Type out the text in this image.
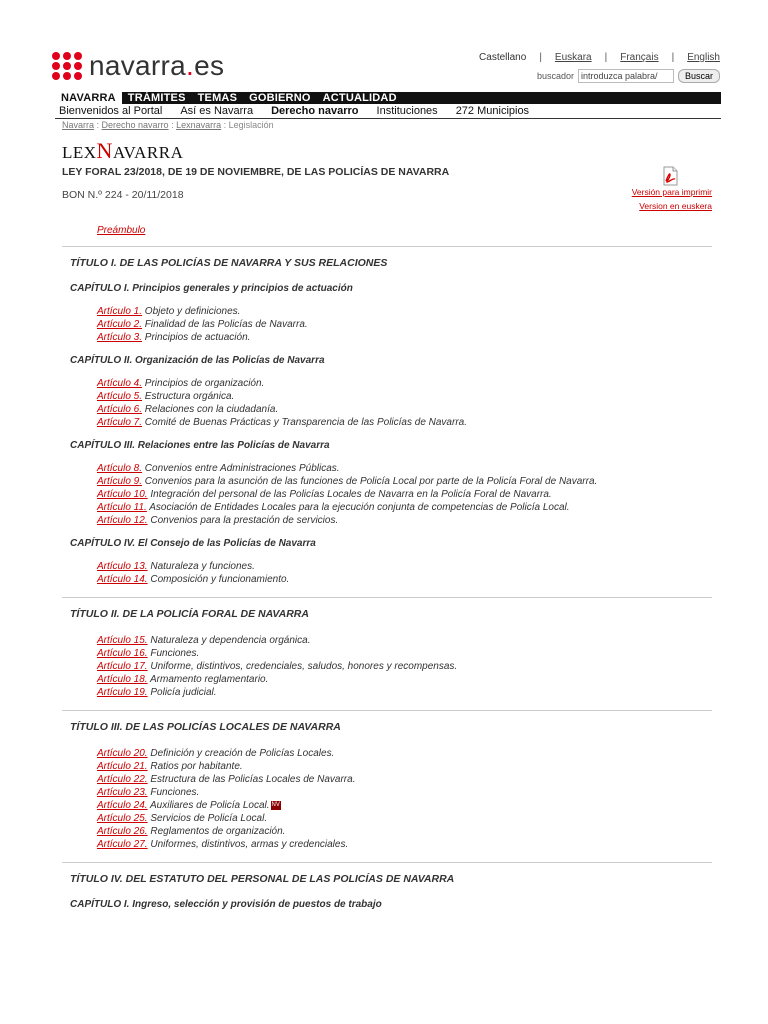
navarra.es	Castellano | Euskara | Français | English
buscador
introduzca palabra/	Buscar
NAVARRA	TRÁMITES	TEMAS	GOBIERNO	ACTUALIDAD
Bienvenidos al Portal Así es Navarra Derecho navarro Instituciones 272 Municipios
Navarra : Derecho navarro : Lexnavarra : Legislación
LEXNAVARRA
LEY FORAL 23/2018, DE 19 DE NOVIEMBRE, DE LAS POLICÍAS DE NAVARRA
BON N.º 224 - 20/11/2018	Versión para imprimir
Version en euskera
Preámbulo
TÍTULO I. DE LAS POLICÍAS DE NAVARRA Y SUS RELACIONES
CAPÍTULO I. Principios generales y principios de actuación
Artículo 1. Objeto y definiciones.
Artículo 2. Finalidad de las Policías de Navarra.
Artículo 3. Principios de actuación.
CAPÍTULO II. Organización de las Policías de Navarra
Artículo 4. Principios de organización.
Artículo 5. Estructura orgánica.
Artículo 6. Relaciones con la ciudadanía.
Artículo 7. Comité de Buenas Prácticas y Transparencia de las Policías de Navarra.
CAPÍTULO III. Relaciones entre las Policías de Navarra
Artículo 8. Convenios entre Administraciones Públicas.
Artículo 9. Convenios para la asunción de las funciones de Policía Local por parte de la Policía Foral de Navarra.
Artículo 10. Integración del personal de las Policías Locales de Navarra en la Policía Foral de Navarra.
Artículo 11. Asociación de Entidades Locales para la ejecución conjunta de competencias de Policía Local.
Artículo 12. Convenios para la prestación de servicios.
CAPÍTULO IV. El Consejo de las Policías de Navarra
Artículo 13. Naturaleza y funciones.
Artículo 14. Composición y funcionamiento.
TÍTULO II. DE LA POLICÍA FORAL DE NAVARRA
Artículo 15. Naturaleza y dependencia orgánica.
Artículo 16. Funciones.
Artículo 17. Uniforme, distintivos, credenciales, saludos, honores y recompensas.
Artículo 18. Armamento reglamentario.
Artículo 19. Policía judicial.
TÍTULO III. DE LAS POLICÍAS LOCALES DE NAVARRA
Artículo 20. Definición y creación de Policías Locales.
Artículo 21. Ratios por habitante.
Artículo 22. Estructura de las Policías Locales de Navarra.
Artículo 23. Funciones.
Artículo 24. Auxiliares de Policía Local. NV
Artículo 25. Servicios de Policía Local.
Artículo 26. Reglamentos de organización.
Artículo 27. Uniformes, distintivos, armas y credenciales.
TÍTULO IV. DEL ESTATUTO DEL PERSONAL DE LAS POLICÍAS DE NAVARRA
CAPÍTULO I. Ingreso, selección y provisión de puestos de trabajo
